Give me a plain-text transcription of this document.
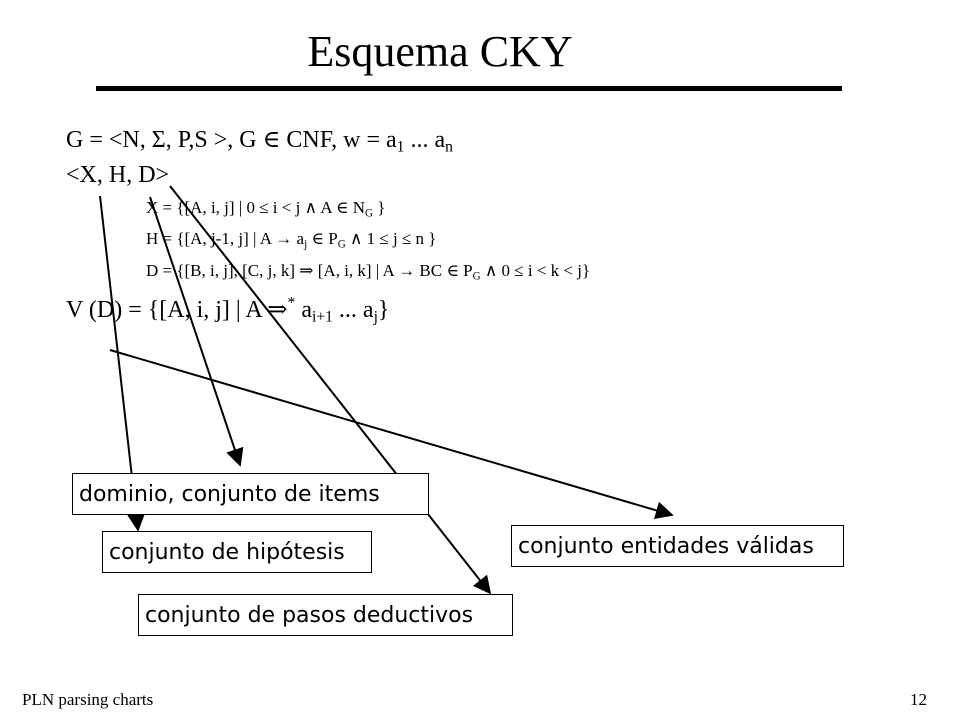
Esquema CKY
G = <N, Σ, P,S >, G ∈ CNF, $w = a_1$ ... $a_n$
<X, H, D>
X = {[A, i, j] | 0 ≤ i < j ∧ A ∈ $N_G$ }
H = {[A, j-1, j] | $A \to a_j$ ∈ $P_G$ ∧ 1 ≤ j ≤ n }
D = {[B, i, j], [C, j, k] ⇒ [A, i, k] | A → BC ∈ $P_G$ ∧ 0 ≤ i < k < j}
V (D) = {[A, i, j] | A ⇒* $a_{i+1}$ ... $a_j$}
dominio, conjunto de items
conjunto de hipótesis
conjunto de pasos deductivos
conjunto entidades válidas
PLN parsing charts	12
